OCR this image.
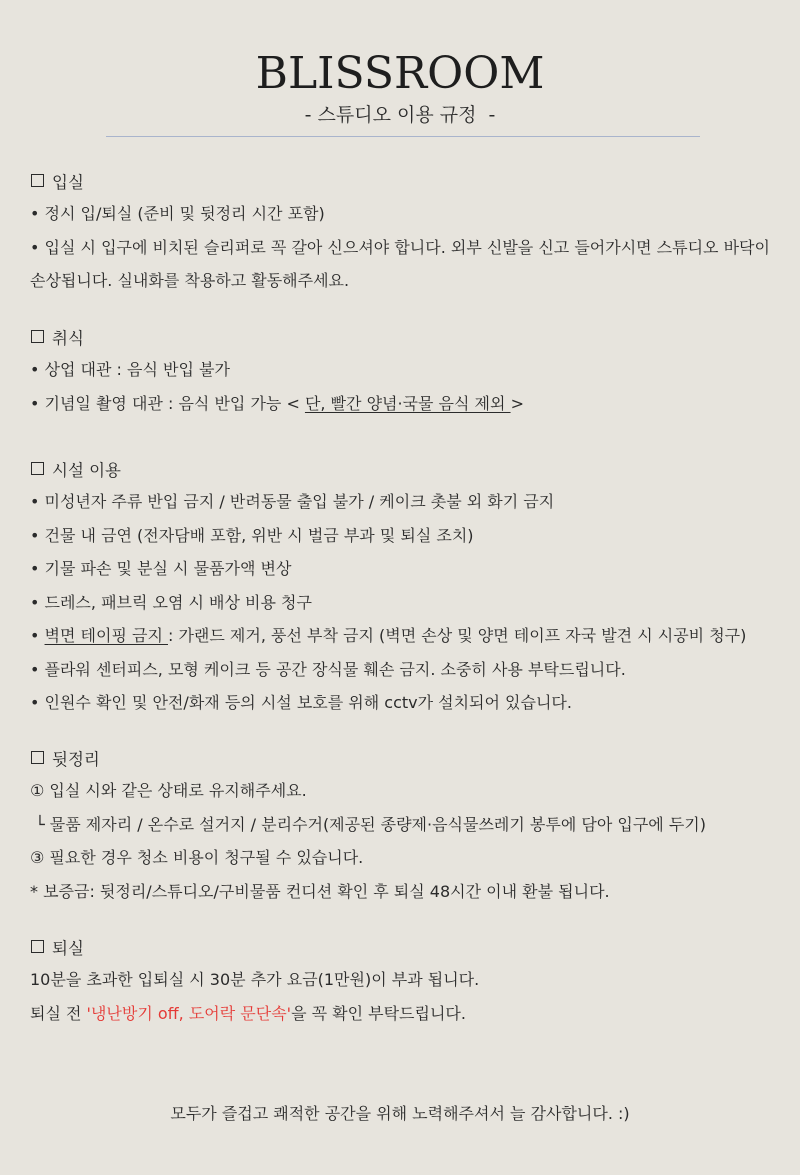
BLISSROOM
- 스튜디오 이용 규정  -
입실
• 정시 입/퇴실 (준비 및 뒷정리 시간 포함)
• 입실 시 입구에 비치된 슬리퍼로 꼭 갈아 신으셔야 합니다. 외부 신발을 신고 들어가시면 스튜디오 바닥이 손상됩니다. 실내화를 착용하고 활동해주세요.
취식
• 상업 대관 : 음식 반입 불가
• 기념일 촬영 대관 : 음식 반입 가능 < 단, 빨간 양념·국물 음식 제외 >
시설 이용
• 미성년자 주류 반입 금지 / 반려동물 출입 불가 / 케이크 촛불 외 화기 금지
• 건물 내 금연 (전자담배 포함, 위반 시 벌금 부과 및 퇴실 조치)
• 기물 파손 및 분실 시 물품가액 변상
• 드레스, 패브릭 오염 시 배상 비용 청구
• 벽면 테이핑 금지 : 가랜드 제거, 풍선 부착 금지 (벽면 손상 및 양면 테이프 자국 발견 시 시공비 청구)
• 플라워 센터피스, 모형 케이크 등 공간 장식물 훼손 금지. 소중히 사용 부탁드립니다.
• 인원수 확인 및 안전/화재 등의 시설 보호를 위해 cctv가 설치되어 있습니다.
뒷정리
① 입실 시와 같은 상태로 유지해주세요.
└ 물품 제자리 / 온수로 설거지 / 분리수거(제공된 종량제·음식물쓰레기 봉투에 담아 입구에 두기)
③ 필요한 경우 청소 비용이 청구될 수 있습니다.
* 보증금: 뒷정리/스튜디오/구비물품 컨디션 확인 후 퇴실 48시간 이내 환불 됩니다.
퇴실
10분을 초과한 입퇴실 시 30분 추가 요금(1만원)이 부과 됩니다.
퇴실 전 '냉난방기 off, 도어락 문단속'을 꼭 확인 부탁드립니다.
모두가 즐겁고 쾌적한 공간을 위해 노력해주셔서 늘 감사합니다. :)
